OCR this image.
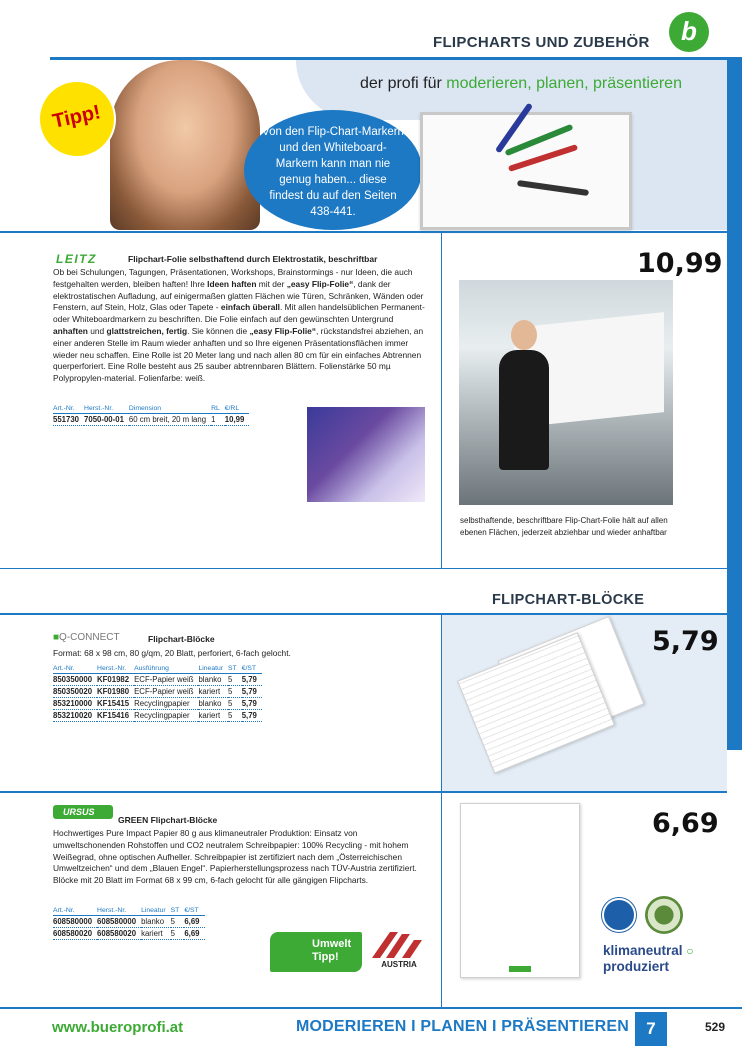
FLIPCHARTS UND ZUBEHÖR	b
der profi für moderieren, planen, präsentieren
Tipp!	Von den Flip-Chart-Markern und den Whiteboard-Markern kann man nie genug haben... diese findest du auf den Seiten 438-441.
LEITZ	Flipchart-Folie selbsthaftend durch Elektrostatik, beschriftbar
Ob bei Schulungen, Tagungen, Präsentationen, Workshops, Brainstormings - nur Ideen, die auch festgehalten werden, bleiben haften! Ihre Ideen haften mit der „easy Flip-Folie“, dank der elektrostatischen Aufladung, auf einigermaßen glatten Flächen wie Türen, Schränken, Wänden oder Fenstern, auf Stein, Holz, Glas oder Tapete - einfach überall. Mit allen handelsüblichen Permanent- oder Whiteboardmarkern zu beschriften. Die Folie einfach auf den gewünschten Untergrund anhaften und glattstreichen, fertig. Sie können die „easy Flip-Folie“, rückstandsfrei abziehen, an einer anderen Stelle im Raum wieder anhaften und so Ihre eigenen Präsentationsflächen immer wieder neu schaffen. Eine Rolle ist 20 Meter lang und nach allen 80 cm für ein einfaches Abtrennen querperforiert. Eine Rolle besteht aus 25 sauber abtrennbaren Blättern. Folienstärke 50 mµ Polypropylen-material. Folienfarbe: weiß.
Art.-Nr.	Herst.-Nr.	Dimension	RL	€/RL
551730	7050-00-01	60 cm breit, 20 m lang	1	10,99
10,99
selbsthaftende, beschriftbare Flip-Chart-Folie hält auf allen ebenen Flächen, jederzeit abziehbar und wieder anhaftbar
FLIPCHART-BLÖCKE
■Q-CONNECT	Flipchart-Blöcke
Format: 68 x 98 cm, 80 g/qm, 20 Blatt, perforiert, 6-fach gelocht.
Art.-Nr.	Herst.-Nr.	Ausführung	Lineatur	ST	€/ST
850350000	KF01982	ECF-Papier weiß	blanko	5	5,79
850350020	KF01980	ECF-Papier weiß	kariert	5	5,79
853210000	KF15415	Recyclingpapier	blanko	5	5,79
853210020	KF15416	Recyclingpapier	kariert	5	5,79
5,79
URSUS
GREEN Flipchart-Blöcke
Hochwertiges Pure Impact Papier 80 g aus klimaneutraler Produktion: Einsatz von umweltschonenden Rohstoffen und CO2 neutralem Schreibpapier: 100% Recycling - mit hohem Weißegrad, ohne optischen Aufheller. Schreibpapier ist zertifiziert nach dem „Österreichischen Umweltzeichen“ und dem „Blauen Engel“. Papierherstellungsprozess nach TÜV-Austria zertifiziert. Blöcke mit 20 Blatt im Format 68 x 99 cm, 6-fach gelocht für alle gängigen Flipcharts.
Art.-Nr.	Herst.-Nr.	Lineatur	ST	€/ST
608580000	608580000	blanko	5	6,69
608580020	608580020	kariert	5	6,69
Umwelt Tipp!
AUSTRIA
6,69
klimaneutral ○
produziert
www.bueroprofi.at	MODERIEREN I PLANEN I PRÄSENTIEREN	7	529
